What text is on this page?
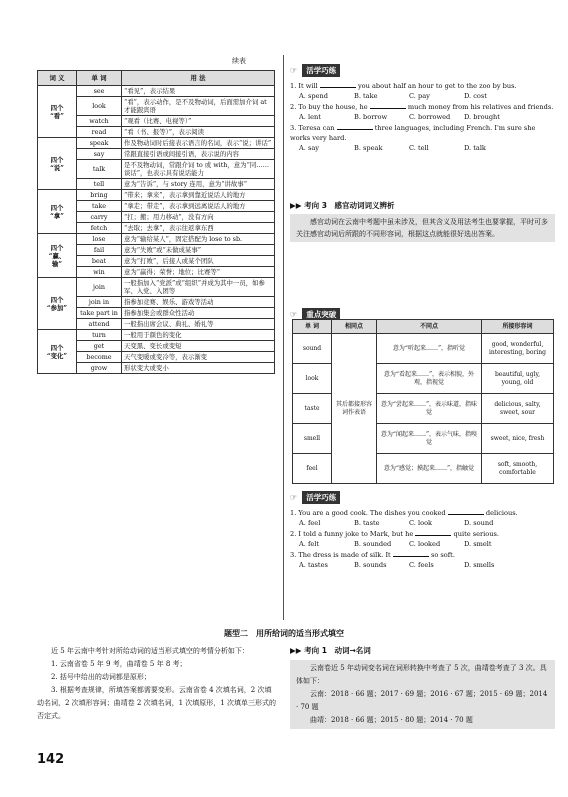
续表
词 义	单 词	用 法
四个
“看”	see	“看见”，表示结果
	look	“看”，表示动作，是不及物动词，后面需加介词 at 才能跟宾语
	watch	“观看（比赛、电视等）”
	read	“看（书、报等）”，表示阅读
四个
“说”	speak	作及物动词时后接表示语言的名词，表示“说；讲话”
	say	常跟直接引语或间接引语，表示说的内容
	talk	是不及物动词，常跟介词 to 或 with，意为“同……谈话”，也表示具有说话能力
	tell	意为“告诉”，与 story 连用，意为“讲故事”
四个
“拿”	bring	“带来；拿来”，表示拿到靠近说话人的地方
	take	“拿走；带走”，表示拿到远离说话人的地方
	carry	“扛；搬；用力移动”，没有方向
	fetch	“去取；去拿”，表示往返拿东西
四个
“赢、
输”	lose	意为“输给某人”，固定搭配为 lose to sb.
	fail	意为“失败”或“未做成某事”
	beat	意为“打败”，后接人或某个团队
	win	意为“赢得；荣誉；地位；比赛等”
四个
“参加”	join	一般指加入“党派”或“组织”并成为其中一员，如参军、入党、入团等
	join in	指参加竞赛、娱乐、游戏等活动
	take part in	指参加集会或群众性活动
	attend	一般指出席会议、典礼、婚礼等
四个
“变化”	turn	一般用于颜色的变化
	get	天变黑、变长或变短
	become	天气变暖或变冷等，表示渐变
	grow	形状变大或变小
☞ 活学巧练
1. It will	you about half an hour to get to the zoo by bus.
A. spend	B. take	C. pay	D. cost
2. To buy the house, he	much money from his relatives and friends.
A. lent	B. borrow	C. borrowed	D. brought
3. Teresa can	three languages, including French. I'm sure she works very hard.
A. say	B. speak	C. tell	D. talk
▶▶ 考向 3　感官动词词义辨析
感官动词在云南中考题中虽未涉及，但其含义及用法考生也要掌握，平时可多关注感官动词后所跟的不同形容词，根据这点就能很好选出答案。
☞ 重点突破
单 词	相同点	不同点	所接形容词
sound	其后都接形容词作表语	意为“听起来……”，指听觉	good, wonderful, interesting, boring
look		意为“看起来……”，表示相貌，外观，指视觉	beautiful, ugly, young, old
taste		意为“尝起来……”，表示味道，指味觉	delicious, salty, sweet, sour
smell		意为“闻起来……”，表示气味，指嗅觉	sweet, nice, fresh
feel		意为“感觉；摸起来……”，指触觉	soft, smooth, comfortable
☞ 活学巧练
1. You are a good cook. The dishes you cooked	delicious.
A. feel	B. taste	C. look	D. sound
2. I told a funny joke to Mark, but he	quite serious.
A. felt	B. sounded	C. looked	D. smelt
3. The dress is made of silk. It	so soft.
A. tastes	B. sounds	C. feels	D. smells
题型二　用所给词的适当形式填空
近 5 年云南中考针对所给动词的适当形式填空的考情分析如下：
1. 云南省卷 5 年 9 考，曲靖卷 5 年 8 考；
2. 括号中给出的动词都是原形；
3. 根据考查规律，所填答案都需要变形。云南省卷 4 次填名词，2 次填动名词，2 次填形容词；曲靖卷 2 次填名词，1 次填原形，1 次填单三形式的否定式。
▶▶ 考向 1　动词→名词
云南卷近 5 年动词变名词在词形转换中考查了 5 次，曲靖卷考查了 3 次。具体如下：
云南：2018 · 66 题；2017 · 69 题；2016 · 67 题；2015 · 69 题；2014 · 70 题
曲靖：2018 · 66 题；2015 · 80 题；2014 · 70 题
142
